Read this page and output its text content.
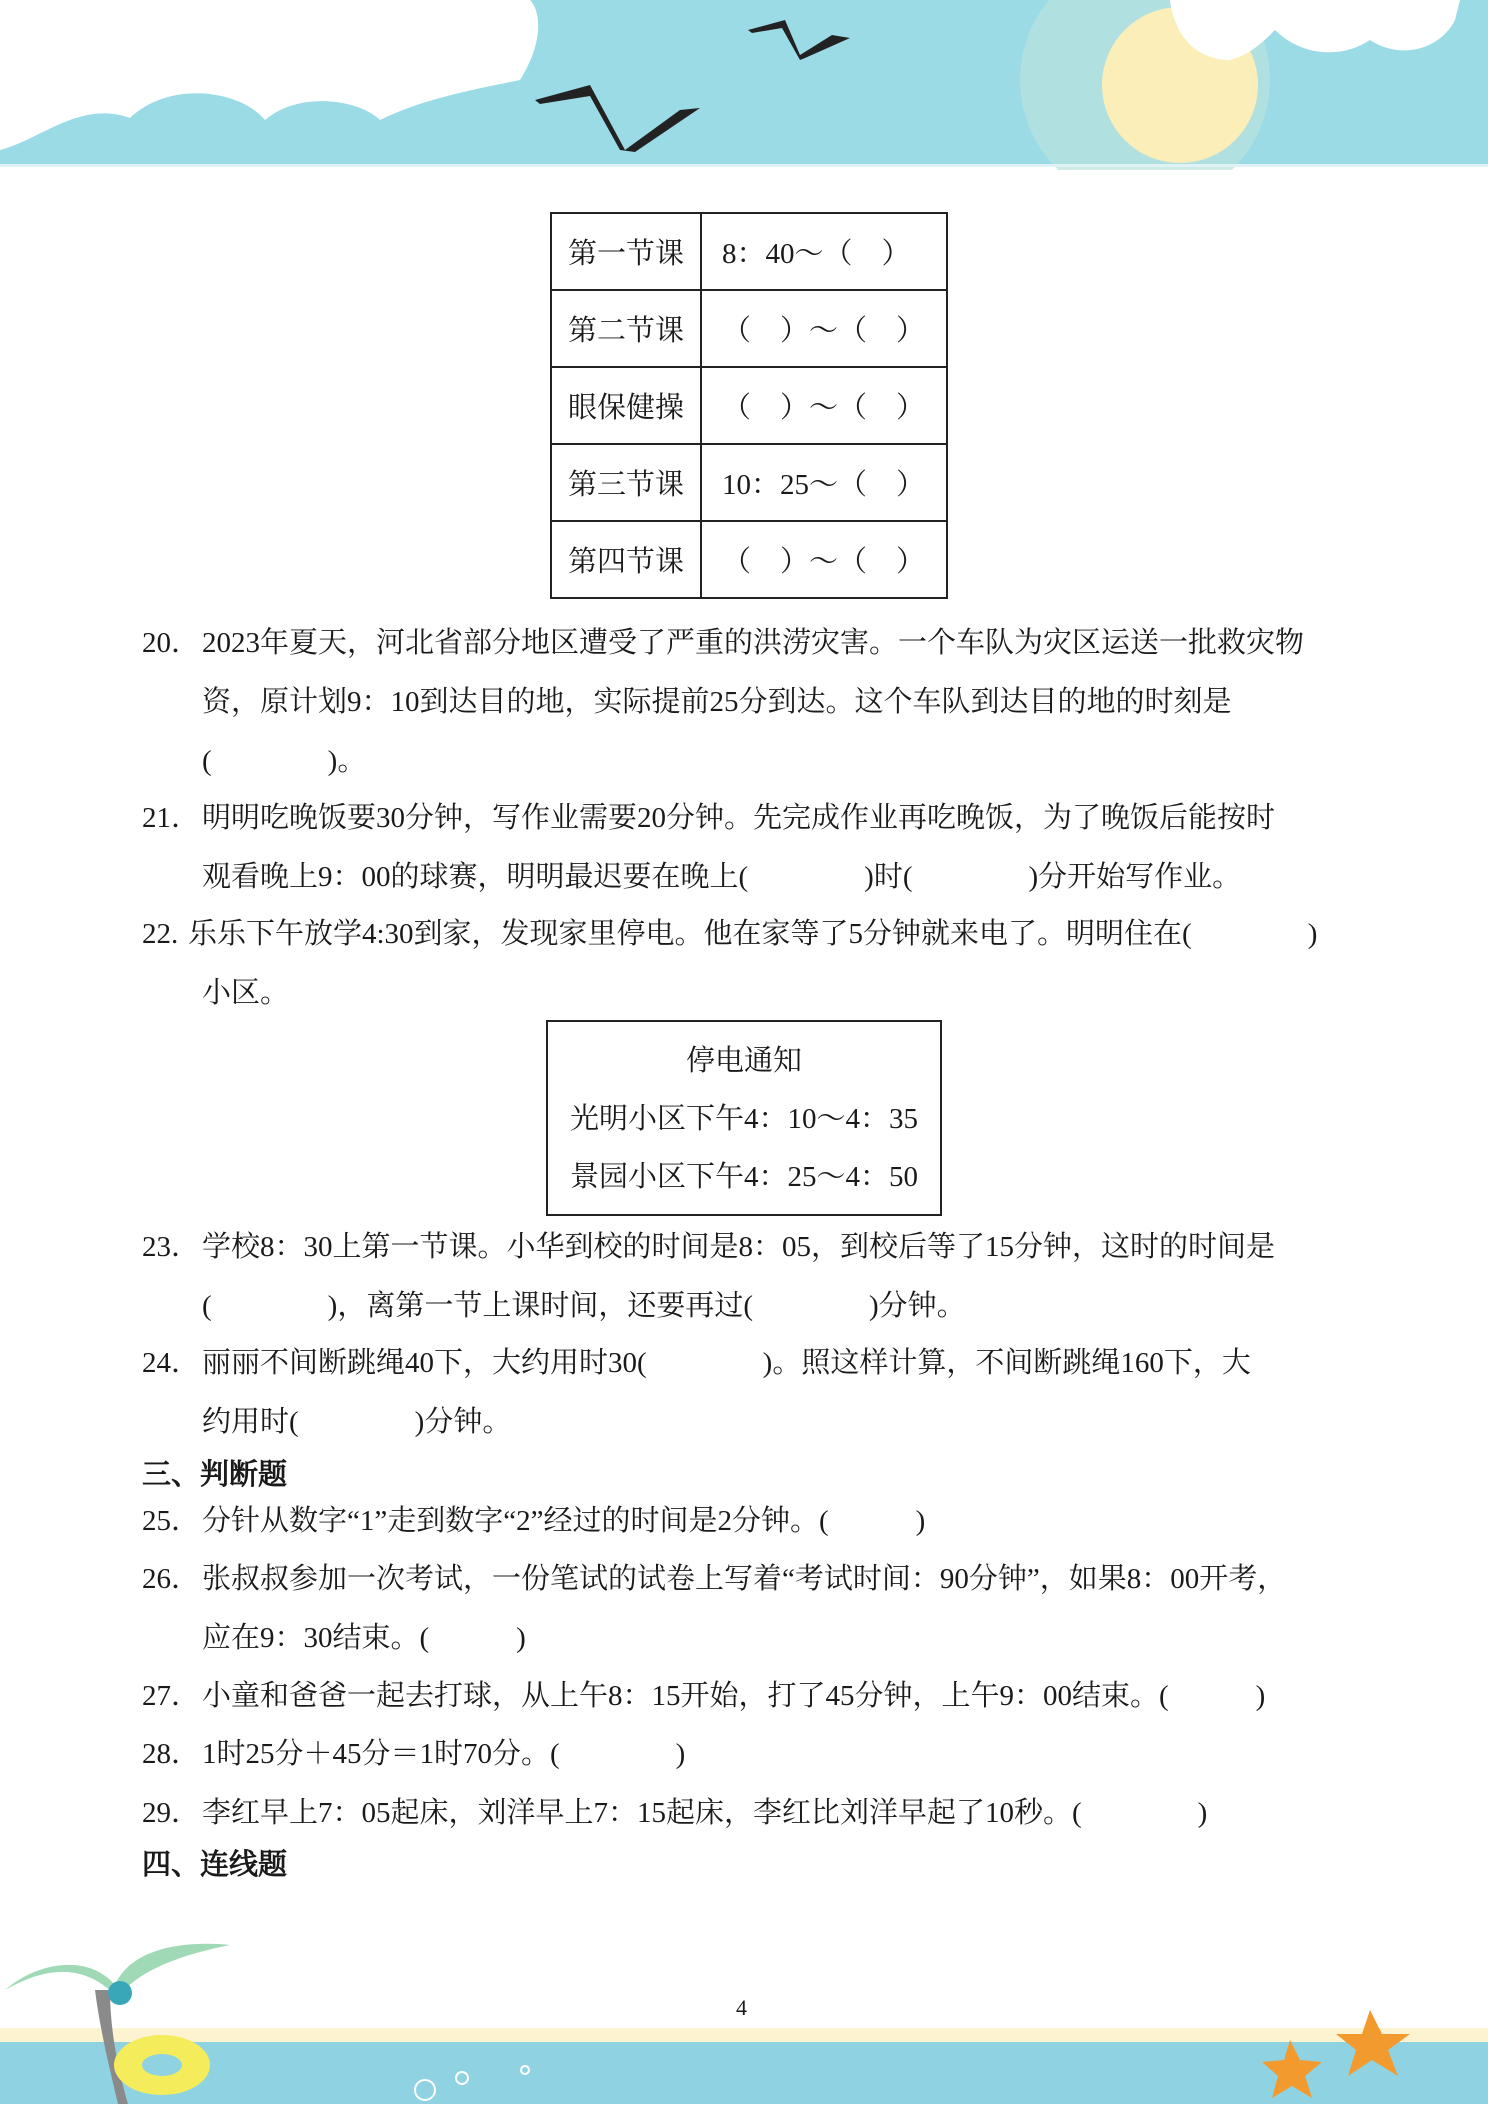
第一节课	8：40～（　）
第二节课	（　）～（　）
眼保健操	（　）～（　）
第三节课	10：25～（　）
第四节课	（　）～（　）
20． 2023年夏天，河北省部分地区遭受了严重的洪涝灾害。一个车队为灾区运送一批救灾物
资，原计划9：10到达目的地，实际提前25分到达。这个车队到达目的地的时刻是
(　　　　)。
21． 明明吃晚饭要30分钟，写作业需要20分钟。先完成作业再吃晚饭，为了晚饭后能按时
观看晚上9：00的球赛，明明最迟要在晚上(　　　　)时(　　　　)分开始写作业。
22. 乐乐下午放学4:30到家，发现家里停电。他在家等了5分钟就来电了。明明住在(　　　　)
小区。
停电通知
光明小区下午4：10～4：35
景园小区下午4：25～4：50
23． 学校8：30上第一节课。小华到校的时间是8：05，到校后等了15分钟，这时的时间是
(　　　　)，离第一节上课时间，还要再过(　　　　)分钟。
24． 丽丽不间断跳绳40下，大约用时30(　　　　)。照这样计算，不间断跳绳160下，大
约用时(　　　　)分钟。
三、判断题
25． 分针从数字“1”走到数字“2”经过的时间是2分钟。(　　　)
26． 张叔叔参加一次考试，一份笔试的试卷上写着“考试时间：90分钟”，如果8：00开考，
应在9：30结束。(　　　)
27． 小童和爸爸一起去打球，从上午8：15开始，打了45分钟，上午9：00结束。(　　　)
28． 1时25分＋45分＝1时70分。(　　　　)
29． 李红早上7：05起床，刘洋早上7：15起床，李红比刘洋早起了10秒。(　　　　)
四、连线题
4
